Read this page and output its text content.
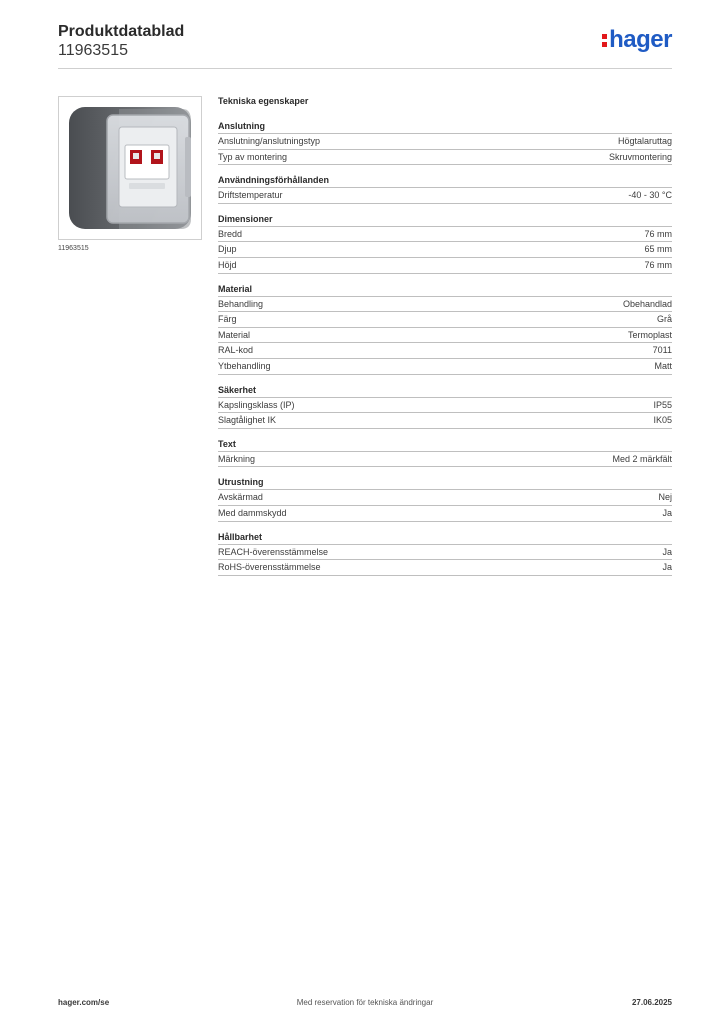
Produktdatablad
11963515	hager
11963515
Tekniska egenskaper
Anslutning
Anslutning/anslutningstyp	Högtalaruttag
Typ av montering	Skruvmontering
Användningsförhållanden
Driftstemperatur	-40 - 30 °C
Dimensioner
Bredd	76 mm
Djup	65 mm
Höjd	76 mm
Material
Behandling	Obehandlad
Färg	Grå
Material	Termoplast
RAL-kod	7011
Ytbehandling	Matt
Säkerhet
Kapslingsklass (IP)	IP55
Slagtålighet IK	IK05
Text
Märkning	Med 2 märkfält
Utrustning
Avskärmad	Nej
Med dammskydd	Ja
Hållbarhet
REACH-överensstämmelse	Ja
RoHS-överensstämmelse	Ja
hager.com/se	Med reservation för tekniska ändringar	27.06.2025
